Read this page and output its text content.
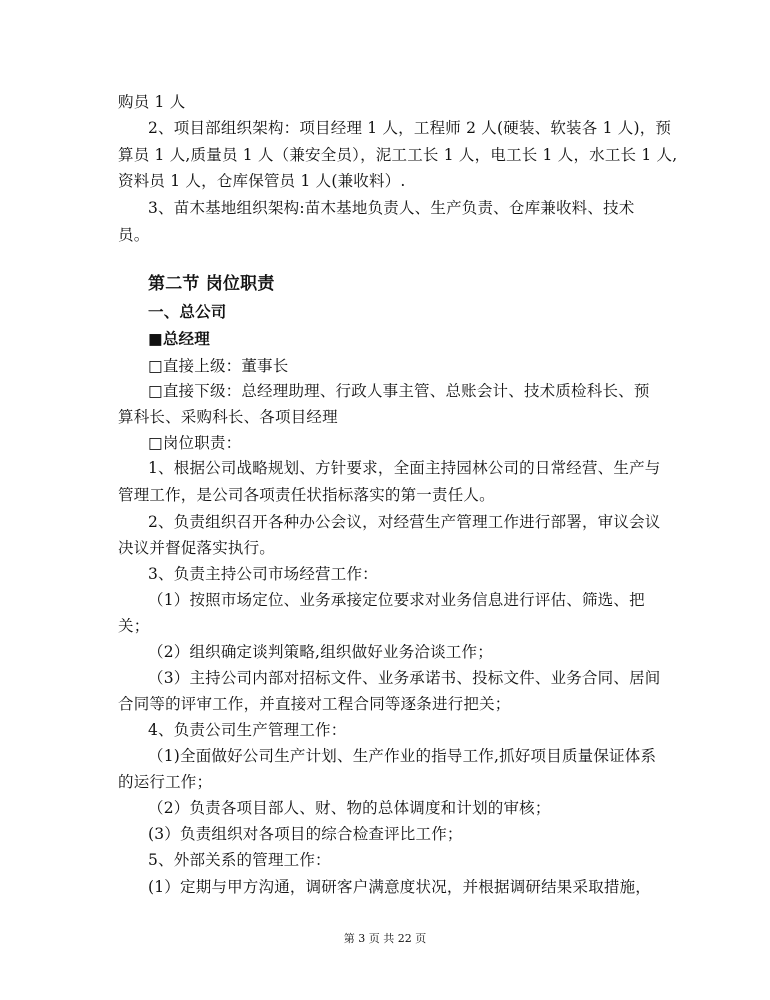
购员 1 人
2、项目部组织架构：项目经理 1 人，工程师 2 人(硬装、软装各 1 人)，预
算员 1 人,质量员 1 人（兼安全员），泥工工长 1 人，电工长 1 人，水工长 1 人,
资料员 1 人，仓库保管员 1 人(兼收料）.
3、苗木基地组织架构:苗木基地负责人、生产负责、仓库兼收料、技术
员。
第二节 岗位职责
一、总公司
■总经理
□直接上级：董事长
□直接下级：总经理助理、行政人事主管、总账会计、技术质检科长、预
算科长、采购科长、各项目经理
□岗位职责：
1、根据公司战略规划、方针要求，全面主持园林公司的日常经营、生产与
管理工作，是公司各项责任状指标落实的第一责任人。
2、负责组织召开各种办公会议，对经营生产管理工作进行部署，审议会议
决议并督促落实执行。
3、负责主持公司市场经营工作：
（1）按照市场定位、业务承接定位要求对业务信息进行评估、筛选、把
关；
（2）组织确定谈判策略,组织做好业务洽谈工作；
（3）主持公司内部对招标文件、业务承诺书、投标文件、业务合同、居间
合同等的评审工作，并直接对工程合同等逐条进行把关；
4、负责公司生产管理工作：
（1)全面做好公司生产计划、生产作业的指导工作,抓好项目质量保证体系
的运行工作；
（2）负责各项目部人、财、物的总体调度和计划的审核；
(3）负责组织对各项目的综合检查评比工作；
5、外部关系的管理工作：
(1）定期与甲方沟通，调研客户满意度状况，并根据调研结果采取措施，
第 3 页 共 22 页
